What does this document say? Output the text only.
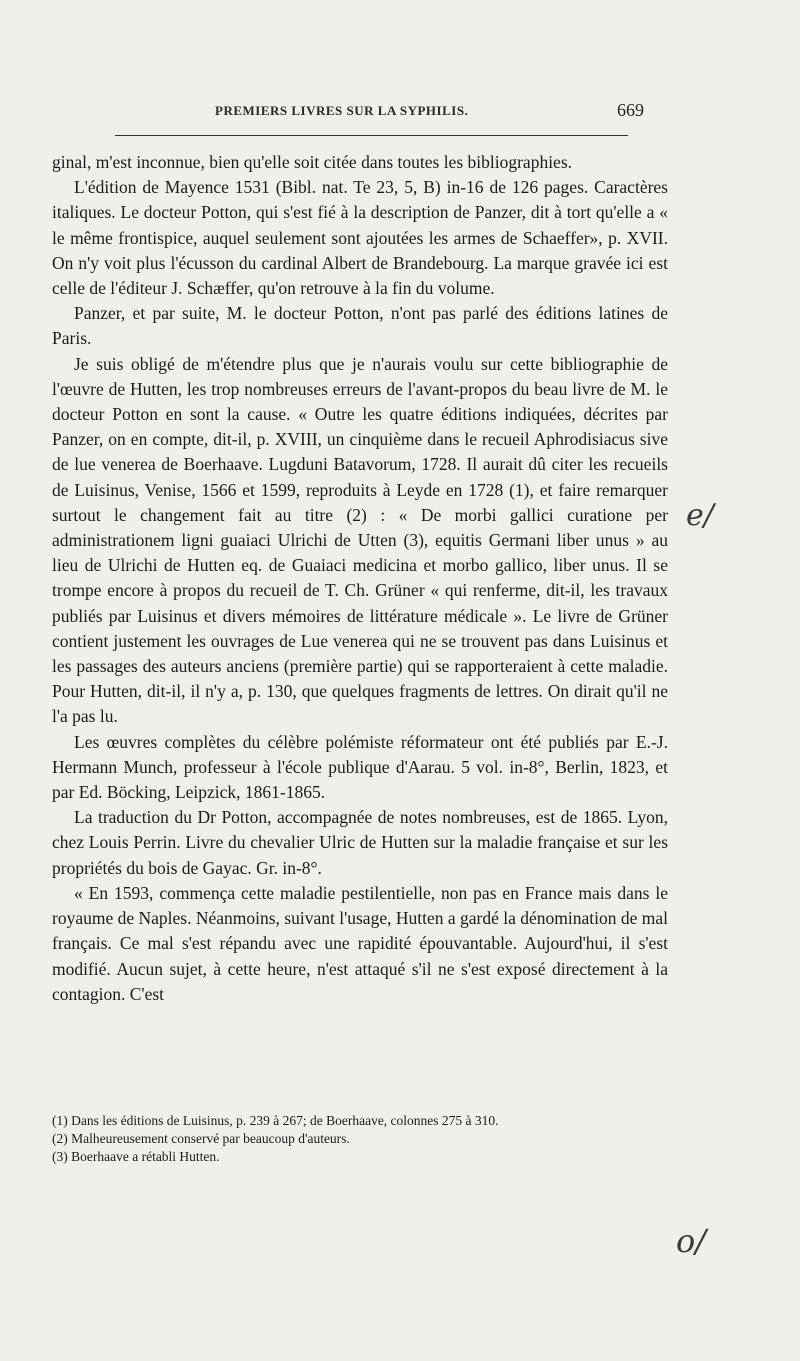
PREMIERS LIVRES SUR LA SYPHILIS.	669

ginal, m'est inconnue, bien qu'elle soit citée dans toutes les bibliographies.

L'édition de Mayence 1531 (Bibl. nat. Te 23, 5, B) in-16 de 126 pages. Caractères italiques. Le docteur Potton, qui s'est fié à la description de Panzer, dit à tort qu'elle a « le même frontispice, auquel seulement sont ajoutées les armes de Schaeffer», p. XVII. On n'y voit plus l'écusson du cardinal Albert de Brandebourg. La marque gravée ici est celle de l'éditeur J. Schæffer, qu'on retrouve à la fin du volume.

Panzer, et par suite, M. le docteur Potton, n'ont pas parlé des éditions latines de Paris.

Je suis obligé de m'étendre plus que je n'aurais voulu sur cette bibliographie de l'œuvre de Hutten, les trop nombreuses erreurs de l'avant-propos du beau livre de M. le docteur Potton en sont la cause. « Outre les quatre éditions indiquées, décrites par Panzer, on en compte, dit-il, p. XVIII, un cinquième dans le recueil Aphrodisiacus sive de lue venerea de Boerhaave. Lugduni Batavorum, 1728. Il aurait dû citer les recueils de Luisinus, Venise, 1566 et 1599, reproduits à Leyde en 1728 (1), et faire remarquer surtout le changement fait au titre (2) : « De morbi gallici curatione per administrationem ligni guaiaci Ulrichi de Utten (3), equitis Germani liber unus » au lieu de Ulrichi de Hutten eq. de Guaiaci medicina et morbo gallico, liber unus. Il se trompe encore à propos du recueil de T. Ch. Grüner « qui renferme, dit-il, les travaux publiés par Luisinus et divers mémoires de littérature médicale ». Le livre de Grüner contient justement les ouvrages de Lue venerea qui ne se trouvent pas dans Luisinus et les passages des auteurs anciens (première partie) qui se rapporteraient à cette maladie. Pour Hutten, dit-il, il n'y a, p. 130, que quelques fragments de lettres. On dirait qu'il ne l'a pas lu.

Les œuvres complètes du célèbre polémiste réformateur ont été publiés par E.-J. Hermann Munch, professeur à l'école publique d'Aarau. 5 vol. in-8°, Berlin, 1823, et par Ed. Böcking, Leipzick, 1861-1865.

La traduction du Dr Potton, accompagnée de notes nombreuses, est de 1865. Lyon, chez Louis Perrin. Livre du chevalier Ulric de Hutten sur la maladie française et sur les propriétés du bois de Gayac. Gr. in-8°.

« En 1593, commença cette maladie pestilentielle, non pas en France mais dans le royaume de Naples. Néanmoins, suivant l'usage, Hutten a gardé la dénomination de mal français. Ce mal s'est répandu avec une rapidité épouvantable. Aujourd'hui, il s'est modifié. Aucun sujet, à cette heure, n'est attaqué s'il ne s'est exposé directement à la contagion. C'est

(1) Dans les éditions de Luisinus, p. 239 à 267; de Boerhaave, colonnes 275 à 310.

(2) Malheureusement conservé par beaucoup d'auteurs.

(3) Boerhaave a rétabli Hutten.

e/
o/
